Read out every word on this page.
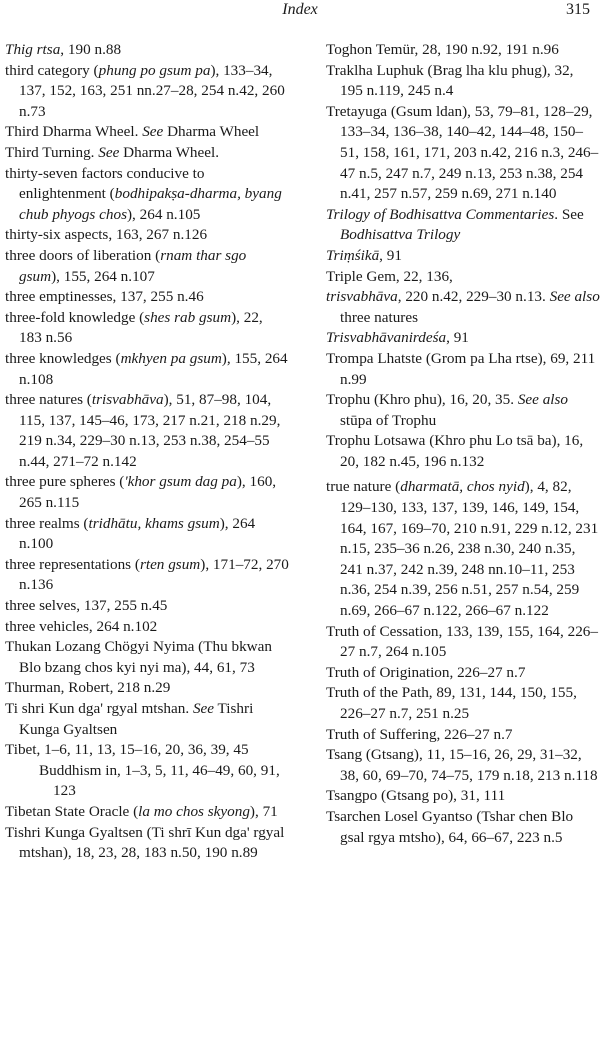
Index	315

Thig rtsa, 190 n.88

third category (phung po gsum pa), 133–34, 137, 152, 163, 251 nn.27–28, 254 n.42, 260 n.73

Third Dharma Wheel. See Dharma Wheel

Third Turning. See Dharma Wheel.

thirty-seven factors conducive to enlightenment (bodhipakṣa-dharma, byang chub phyogs chos), 264 n.105

thirty-six aspects, 163, 267 n.126

three doors of liberation (rnam thar sgo gsum), 155, 264 n.107

three emptinesses, 137, 255 n.46

three-fold knowledge (shes rab gsum), 22, 183 n.56

three knowledges (mkhyen pa gsum), 155, 264 n.108

three natures (trisvabhāva), 51, 87–98, 104, 115, 137, 145–46, 173, 217 n.21, 218 n.29, 219 n.34, 229–30 n.13, 253 n.38, 254–55 n.44, 271–72 n.142

three pure spheres ('khor gsum dag pa), 160, 265 n.115

three realms (tridhātu, khams gsum), 264 n.100

three representations (rten gsum), 171–72, 270 n.136

three selves, 137, 255 n.45

three vehicles, 264 n.102

Thukan Lozang Chögyi Nyima (Thu bkwan Blo bzang chos kyi nyi ma), 44, 61, 73

Thurman, Robert, 218 n.29

Ti shri Kun dga' rgyal mtshan. See Tishri Kunga Gyaltsen

Tibet, 1–6, 11, 13, 15–16, 20, 36, 39, 45

Buddhism in, 1–3, 5, 11, 46–49, 60, 91, 123

Tibetan State Oracle (la mo chos skyong), 71

Tishri Kunga Gyaltsen (Ti shrī Kun dga' rgyal mtshan), 18, 23, 28, 183 n.50, 190 n.89

Toghon Temür, 28, 190 n.92, 191 n.96

Traklha Luphuk (Brag lha klu phug), 32, 195 n.119, 245 n.4

Tretayuga (Gsum ldan), 53, 79–81, 128–29, 133–34, 136–38, 140–42, 144–48, 150–51, 158, 161, 171, 203 n.42, 216 n.3, 246–47 n.5, 247 n.7, 249 n.13, 253 n.38, 254 n.41, 257 n.57, 259 n.69, 271 n.140

Trilogy of Bodhisattva Commentaries. See Bodhisattva Trilogy

Triṃśikā, 91

Triple Gem, 22, 136,

trisvabhāva, 220 n.42, 229–30 n.13. See also three natures

Trisvabhāvanirdeśa, 91

Trompa Lhatste (Grom pa Lha rtse), 69, 211 n.99

Trophu (Khro phu), 16, 20, 35. See also stūpa of Trophu

Trophu Lotsawa (Khro phu Lo tsā ba), 16, 20, 182 n.45, 196 n.132

true nature (dharmatā, chos nyid), 4, 82, 129–130, 133, 137, 139, 146, 149, 154, 164, 167, 169–70, 210 n.91, 229 n.12, 231 n.15, 235–36 n.26, 238 n.30, 240 n.35, 241 n.37, 242 n.39, 248 nn.10–11, 253 n.36, 254 n.39, 256 n.51, 257 n.54, 259 n.69, 266–67 n.122, 266–67 n.122

Truth of Cessation, 133, 139, 155, 164, 226–27 n.7, 264 n.105

Truth of Origination, 226–27 n.7

Truth of the Path, 89, 131, 144, 150, 155, 226–27 n.7, 251 n.25

Truth of Suffering, 226–27 n.7

Tsang (Gtsang), 11, 15–16, 26, 29, 31–32, 38, 60, 69–70, 74–75, 179 n.18, 213 n.118

Tsangpo (Gtsang po), 31, 111

Tsarchen Losel Gyantso (Tshar chen Blo gsal rgya mtsho), 64, 66–67, 223 n.5
